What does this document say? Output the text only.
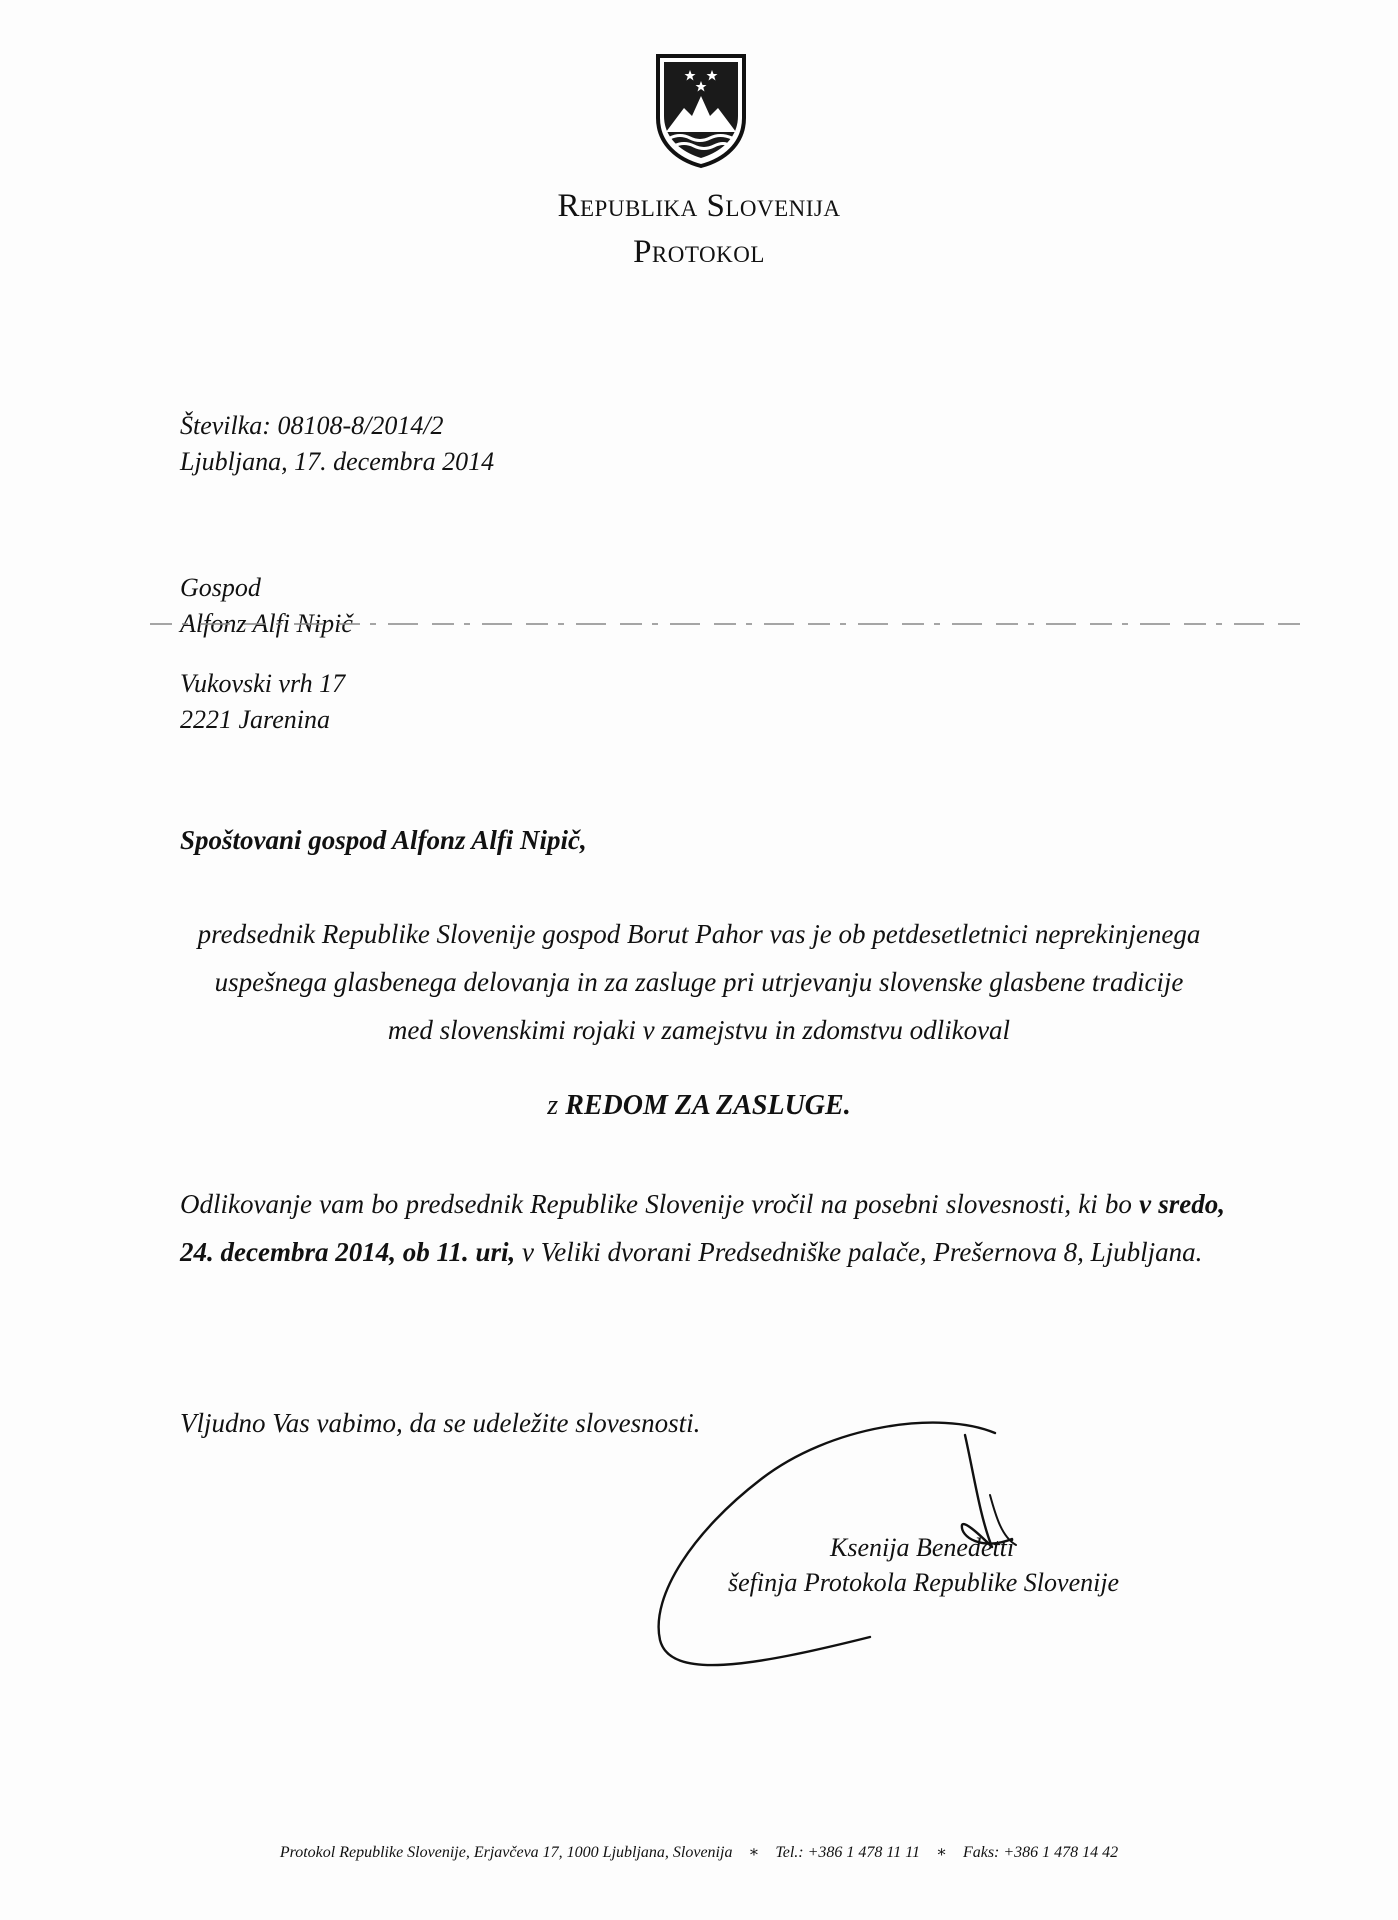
Republika Slovenija
Protokol
Številka: 08108-8/2014/2
Ljubljana, 17. decembra 2014
Gospod
Alfonz Alfi Nipič
Vukovski vrh 17
2221 Jarenina
Spoštovani gospod Alfonz Alfi Nipič,
predsednik Republike Slovenije gospod Borut Pahor vas je ob petdesetletnici neprekinjenega
uspešnega glasbenega delovanja in za zasluge pri utrjevanju slovenske glasbene tradicije
med slovenskimi rojaki v zamejstvu in zdomstvu odlikoval
z REDOM ZA ZASLUGE.
Odlikovanje vam bo predsednik Republike Slovenije vročil na posebni slovesnosti, ki bo v sredo, 24. decembra 2014, ob 11. uri, v Veliki dvorani Predsedniške palače, Prešernova 8, Ljubljana.
Vljudno Vas vabimo, da se udeležite slovesnosti.
Ksenija Benedetti
šefinja Protokola Republike Slovenije
Protokol Republike Slovenije, Erjavčeva 17, 1000 Ljubljana, Slovenija ∗ Tel.: +386 1 478 11 11 ∗ Faks: +386 1 478 14 42
